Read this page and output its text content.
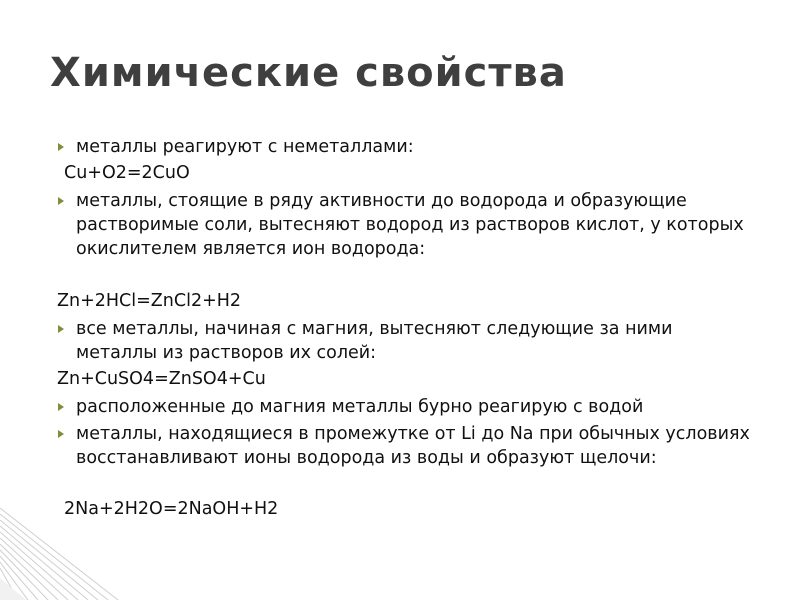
Химические свойства
металлы реагируют с неметаллами:
Cu+O2=2CuO
металлы, стоящие в ряду активности до водорода и образующие растворимые соли, вытесняют водород из растворов кислот, у которых окислителем является ион водорода:
Zn+2HCl=ZnCl2+H2
все металлы, начиная с магния, вытесняют следующие за ними металлы из растворов их солей:
Zn+CuSO4=ZnSO4+Cu
расположенные до магния металлы бурно реагирую с водой
металлы, находящиеся в промежутке от Li до Na при обычных условиях восстанавливают ионы водорода из воды и образуют щелочи:
2Na+2H2O=2NaOH+H2
